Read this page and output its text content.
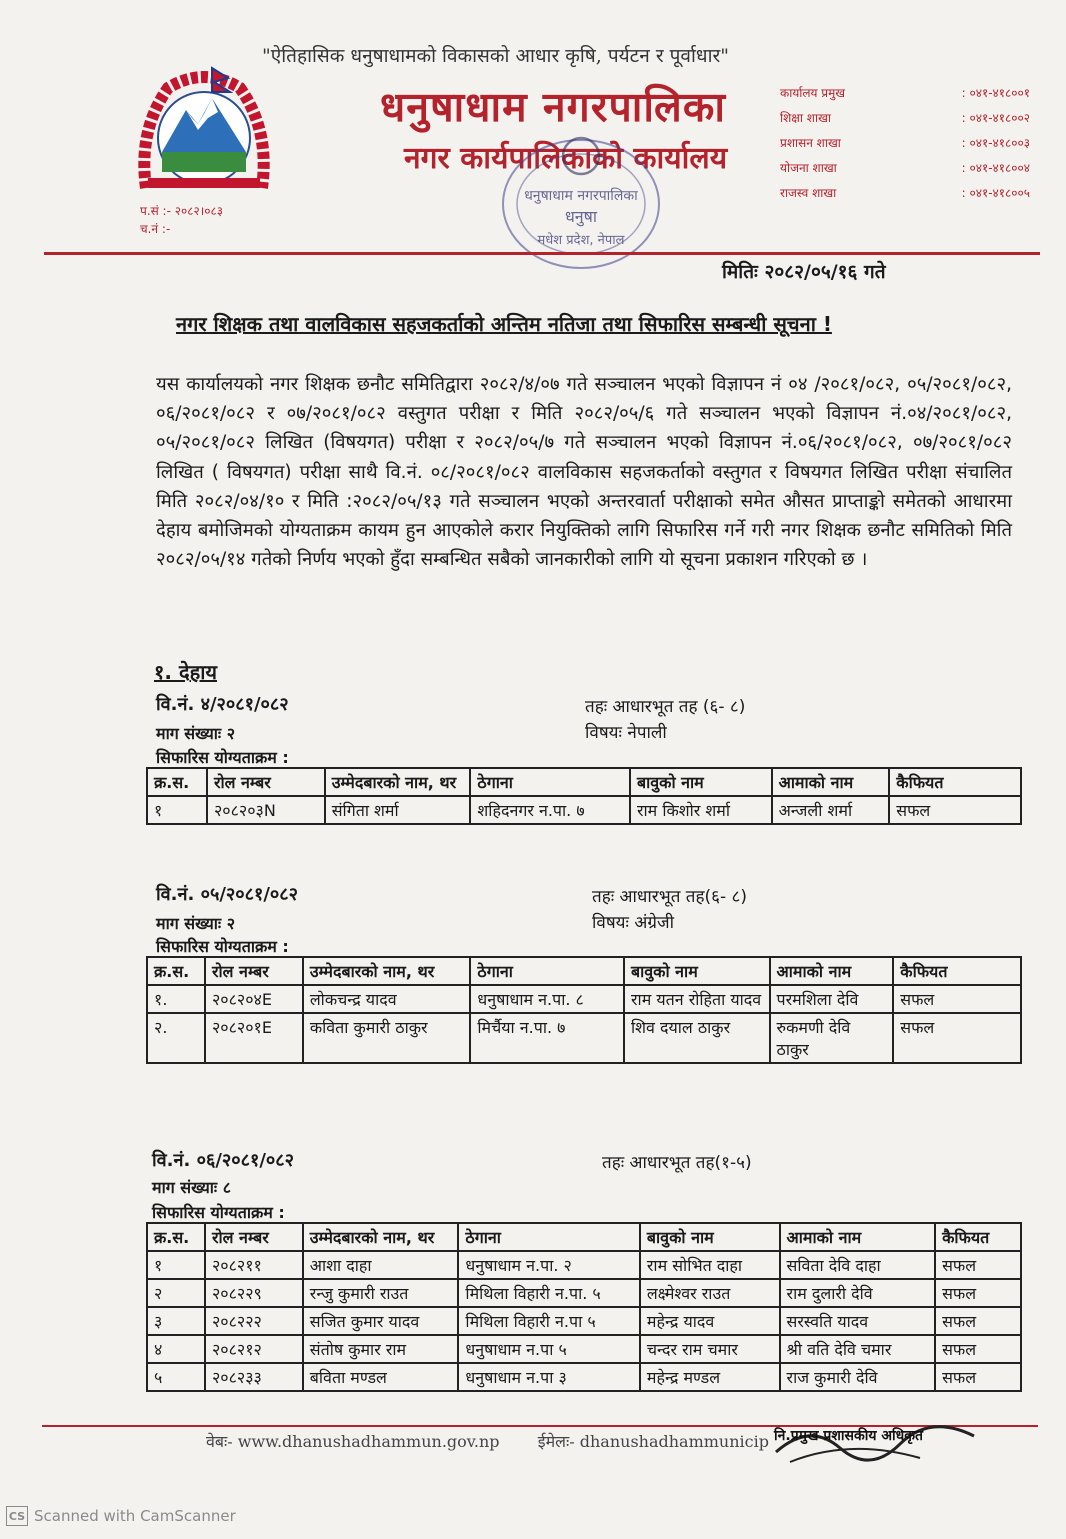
"ऐतिहासिक धनुषाधामको विकासको आधार कृषि, पर्यटन र पूर्वाधार"
धनुषाधाम नगरपालिका
नगर कार्यपालिकाको कार्यालय
कार्यालय प्रमुख	: ०४१-४१८००१
शिक्षा शाखा	: ०४१-४१८००२
प्रशासन शाखा	: ०४१-४१८००३
योजना शाखा	: ०४१-४१८००४
राजस्व शाखा	: ०४१-४१८००५
प.सं :- २०८२।०८३
च.नं :-
धनुषाधाम नगरपालिका
धनुषा
मधेश प्रदेश, नेपाल
मितिः २०८२/०५/१६ गते
नगर शिक्षक तथा वालविकास सहजकर्ताको अन्तिम नतिजा तथा सिफारिस सम्बन्धी सूचना !
यस कार्यालयको नगर शिक्षक छनौट समितिद्वारा २०८२/४/०७ गते सञ्चालन भएको विज्ञापन नं ०४ /२०८१/०८२, ०५/२०८१/०८२, ०६/२०८१/०८२ र ०७/२०८१/०८२ वस्तुगत परीक्षा र मिति २०८२/०५/६ गते सञ्चालन भएको विज्ञापन नं.०४/२०८१/०८२, ०५/२०८१/०८२ लिखित (विषयगत) परीक्षा र २०८२/०५/७ गते सञ्चालन भएको विज्ञापन नं.०६/२०८१/०८२, ०७/२०८१/०८२ लिखित ( विषयगत) परीक्षा साथै वि.नं. ०८/२०८१/०८२ वालविकास सहजकर्ताको वस्तुगत र विषयगत लिखित परीक्षा संचालित मिति २०८२/०४/१० र मिति :२०८२/०५/१३ गते सञ्चालन भएको अन्तरवार्ता परीक्षाको समेत औसत प्राप्ताङ्को समेतको आधारमा देहाय बमोजिमको योग्यताक्रम कायम हुन आएकोले करार नियुक्तिको लागि सिफारिस गर्ने गरी नगर शिक्षक छनौट समितिको मिति २०८२/०५/१४ गतेको निर्णय भएको हुँदा सम्बन्धित सबैको जानकारीको लागि यो सूचना प्रकाशन गरिएको छ ।
१. देहाय
वि.नं. ४/२०८१/०८२	तहः आधारभूत तह (६- ८)
माग संख्याः २	विषयः नेपाली
सिफारिस योग्यताक्रम :
क्र.स.	रोल नम्बर	उम्मेदबारको नाम, थर	ठेगाना	बावुको नाम	आमाको नाम	कैफियत
१	२०८२०३N	संगिता शर्मा	शहिदनगर न.पा. ७	राम किशोर शर्मा	अन्जली शर्मा	सफल
वि.नं. ०५/२०८१/०८२	तहः आधारभूत तह(६- ८)
माग संख्याः २	विषयः अंग्रेजी
सिफारिस योग्यताक्रम :
क्र.स.	रोल नम्बर	उम्मेदबारको नाम, थर	ठेगाना	बावुको नाम	आमाको नाम	कैफियत
१.	२०८२०४E	लोकचन्द्र यादव	धनुषाधाम न.पा. ८	राम यतन रोहिता यादव	परमशिला देवि	सफल
२.	२०८२०१E	कविता कुमारी ठाकुर	मिर्चैया न.पा. ७	शिव दयाल ठाकुर	रुकमणी देवि ठाकुर	सफल
वि.नं. ०६/२०८१/०८२	तहः आधारभूत तह(१-५)
माग संख्याः ८
सिफारिस योग्यताक्रम :
क्र.स.	रोल नम्बर	उम्मेदबारको नाम, थर	ठेगाना	बावुको नाम	आमाको नाम	कैफियत
१	२०८२११	आशा दाहा	धनुषाधाम न.पा. २	राम सोभित दाहा	सविता देवि दाहा	सफल
२	२०८२२९	रन्जु कुमारी राउत	मिथिला विहारी न.पा. ५	लक्ष्मेश्वर राउत	राम दुलारी देवि	सफल
३	२०८२२२	सजित कुमार यादव	मिथिला विहारी न.पा ५	महेन्द्र यादव	सरस्वति यादव	सफल
४	२०८२१२	संतोष कुमार राम	धनुषाधाम न.पा ५	चन्दर राम चमार	श्री वति देवि चमार	सफल
५	२०८२३३	बविता मण्डल	धनुषाधाम न.पा ३	महेन्द्र मण्डल	राज कुमारी देवि	सफल
वेबः- www.dhanushadhammun.gov.np ईमेलः- dhanushadhammunicip नि.प्रमुख प्रशासकीय अधिकृत
CS Scanned with CamScanner
